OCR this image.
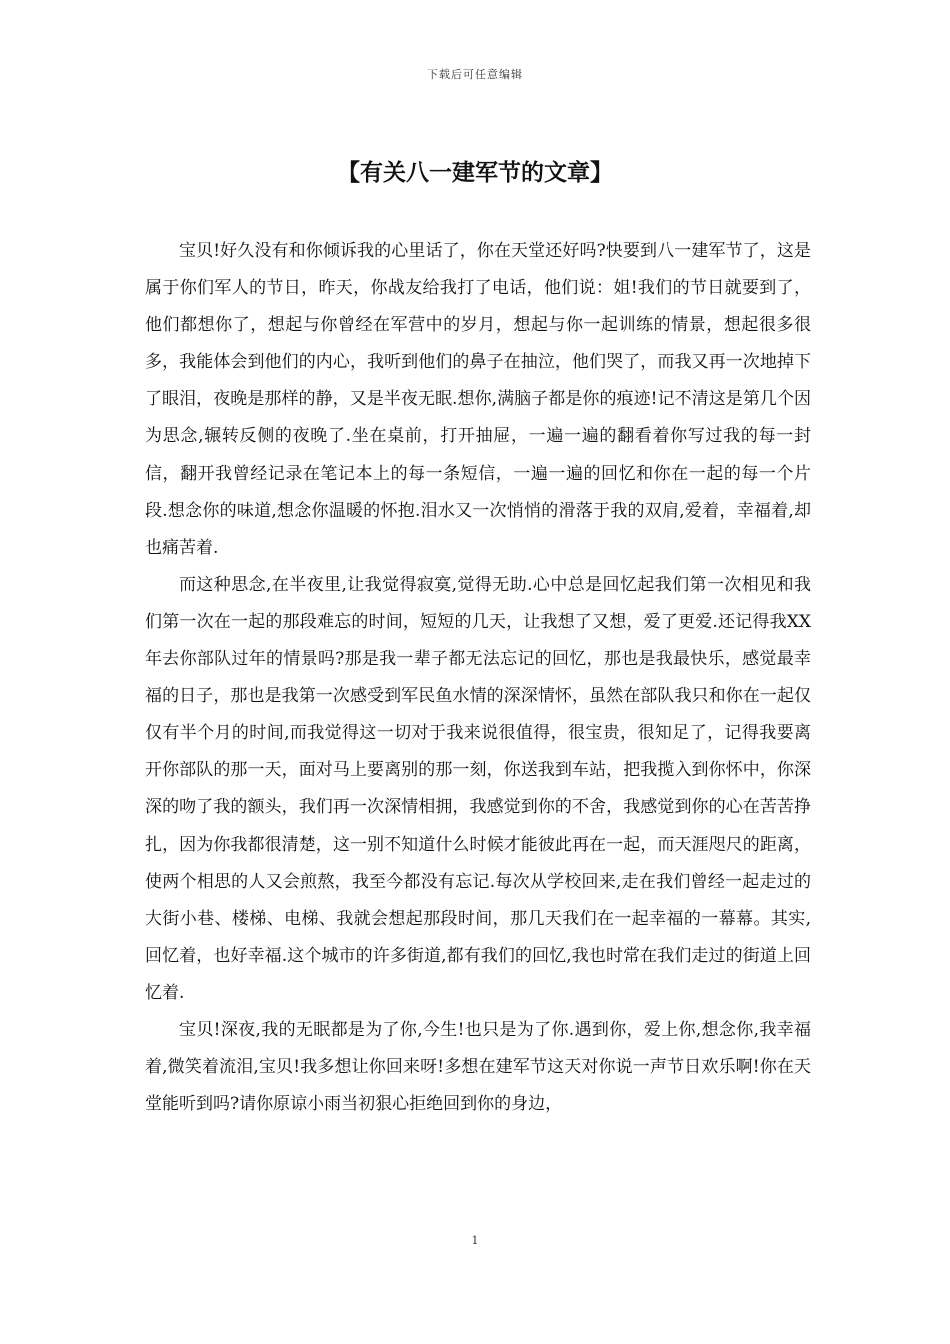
下载后可任意编辑
【有关八一建军节的文章】

宝贝!好久没有和你倾诉我的心里话了，你在天堂还好吗?快要到八一建军节了，这是属于你们军人的节日，昨天，你战友给我打了电话，他们说：姐!我们的节日就要到了，他们都想你了，想起与你曾经在军营中的岁月，想起与你一起训练的情景，想起很多很多，我能体会到他们的内心，我听到他们的鼻子在抽泣，他们哭了，而我又再一次地掉下了眼泪，夜晚是那样的静，又是半夜无眠.想你,满脑子都是你的痕迹!记不清这是第几个因为思念,辗转反侧的夜晚了.坐在桌前，打开抽屉，一遍一遍的翻看着你写过我的每一封信，翻开我曾经记录在笔记本上的每一条短信，一遍一遍的回忆和你在一起的每一个片段.想念你的味道,想念你温暖的怀抱.泪水又一次悄悄的滑落于我的双肩,爱着，幸福着,却也痛苦着.

而这种思念,在半夜里,让我觉得寂寞,觉得无助.心中总是回忆起我们第一次相见和我们第一次在一起的那段难忘的时间，短短的几天，让我想了又想，爱了更爱.还记得我XX年去你部队过年的情景吗?那是我一辈子都无法忘记的回忆，那也是我最快乐，感觉最幸福的日子，那也是我第一次感受到军民鱼水情的深深情怀，虽然在部队我只和你在一起仅仅有半个月的时间,而我觉得这一切对于我来说很值得，很宝贵，很知足了，记得我要离开你部队的那一天，面对马上要离别的那一刻，你送我到车站，把我揽入到你怀中，你深深的吻了我的额头，我们再一次深情相拥，我感觉到你的不舍，我感觉到你的心在苦苦挣扎，因为你我都很清楚，这一别不知道什么时候才能彼此再在一起，而天涯咫尺的距离，使两个相思的人又会煎熬，我至今都没有忘记.每次从学校回来,走在我们曾经一起走过的大街小巷、楼梯、电梯、我就会想起那段时间，那几天我们在一起幸福的一幕幕。其实,回忆着，也好幸福.这个城市的许多街道,都有我们的回忆,我也时常在我们走过的街道上回忆着.

宝贝!深夜,我的无眠都是为了你,今生!也只是为了你.遇到你，爱上你,想念你,我幸福着,微笑着流泪,宝贝!我多想让你回来呀!多想在建军节这天对你说一声节日欢乐啊!你在天堂能听到吗?请你原谅小雨当初狠心拒绝回到你的身边，

1
